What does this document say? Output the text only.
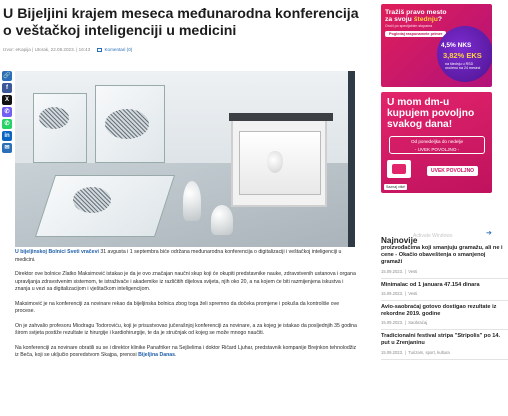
U Bijeljini krajem meseca međunarodna konferencija o veštačkoj inteligenciji u medicini
Izvor: eKapija | Utorak, 22.08.2023. | 16:43	Komentari (0)
🔗
f
X
✆
✆
in
✉

U bijeljinskoj Bolnici Sveti vračevi 31 avgusta i 1 septembra biće održana međunarodna konferencija o digitalizaciji i veštačkoj inteligenciji u medicini.

Direktor ove bolnice Zlatko Maksimović istakao je da je ovo značajan naučni skup koji će okupiti predstavnike nauke, zdravstvenih ustanova i organa upravljanja zdravstvenim sistemom, te istraživače i akademike iz različitih dijelova svijeta, njih oko 20, a na kojem će biti razmijenjena iskustva i znanja u vezi sa digitalizacijom i vještačkom inteligencijom.

Maksimović je na konferenciji za novinare rekao da bijeljinska bolnica zbog toga želi spremno da dočeka promjene i pokuša da kontroliše ove procese.

On je zahvalio profesoru Miodragu Todoroviću, koji je prisustvovao jučerašnjoj konferenciji za novinare, a za kojeg je istakao da posljednjih 35 godina širom svijeta postiže rezultate iz hirurgije i kardiohirurgije, te da je stručnjak od kojeg se može mnogo naučiti.

Na konferenciji za novinare obratili su se i direktor klinike Panafriker na Sejšelima i doktor Ričard Ljuhar, predstavnik kompanije Brejnkon tehnolodžiz iz Beča, koji se uključio posredstvom Skajpa, prenosi Bijeljina Danas.

Tražiš pravo mesto
za svoju štednju?
Oroči po specijalnim stopama
Pogledaj rasponamete primer
4,5% NKS
3,82% EKS
na štednju u RSD oročenu na 24 meseci
U mom dm-u
kupujem povoljno
svakog dana!
Od ponedeljka do nedelje
- UVEK POVOLJNO -
UVEK POVOLJNO
Saznaj više!
Najnovije
Activate Windows	➔
proizvođačima koji smanjuju gramažu, ali ne i cene - Okačio obaveštenja o smanjenoj gramaži
15.09.2023. | Vesti
Minimalac od 1 januara 47.154 dinara
15.09.2023. | Vesti
Avio-saobraćaj gotovo dostigao rezultate iz rekordne 2019. godine
15.09.2023. | Saobraćaj
Tradicionalni festival stripa "Stripolis" po 14. put u Zrenjaninu
15.09.2023. | Turizam, sport, kultura
